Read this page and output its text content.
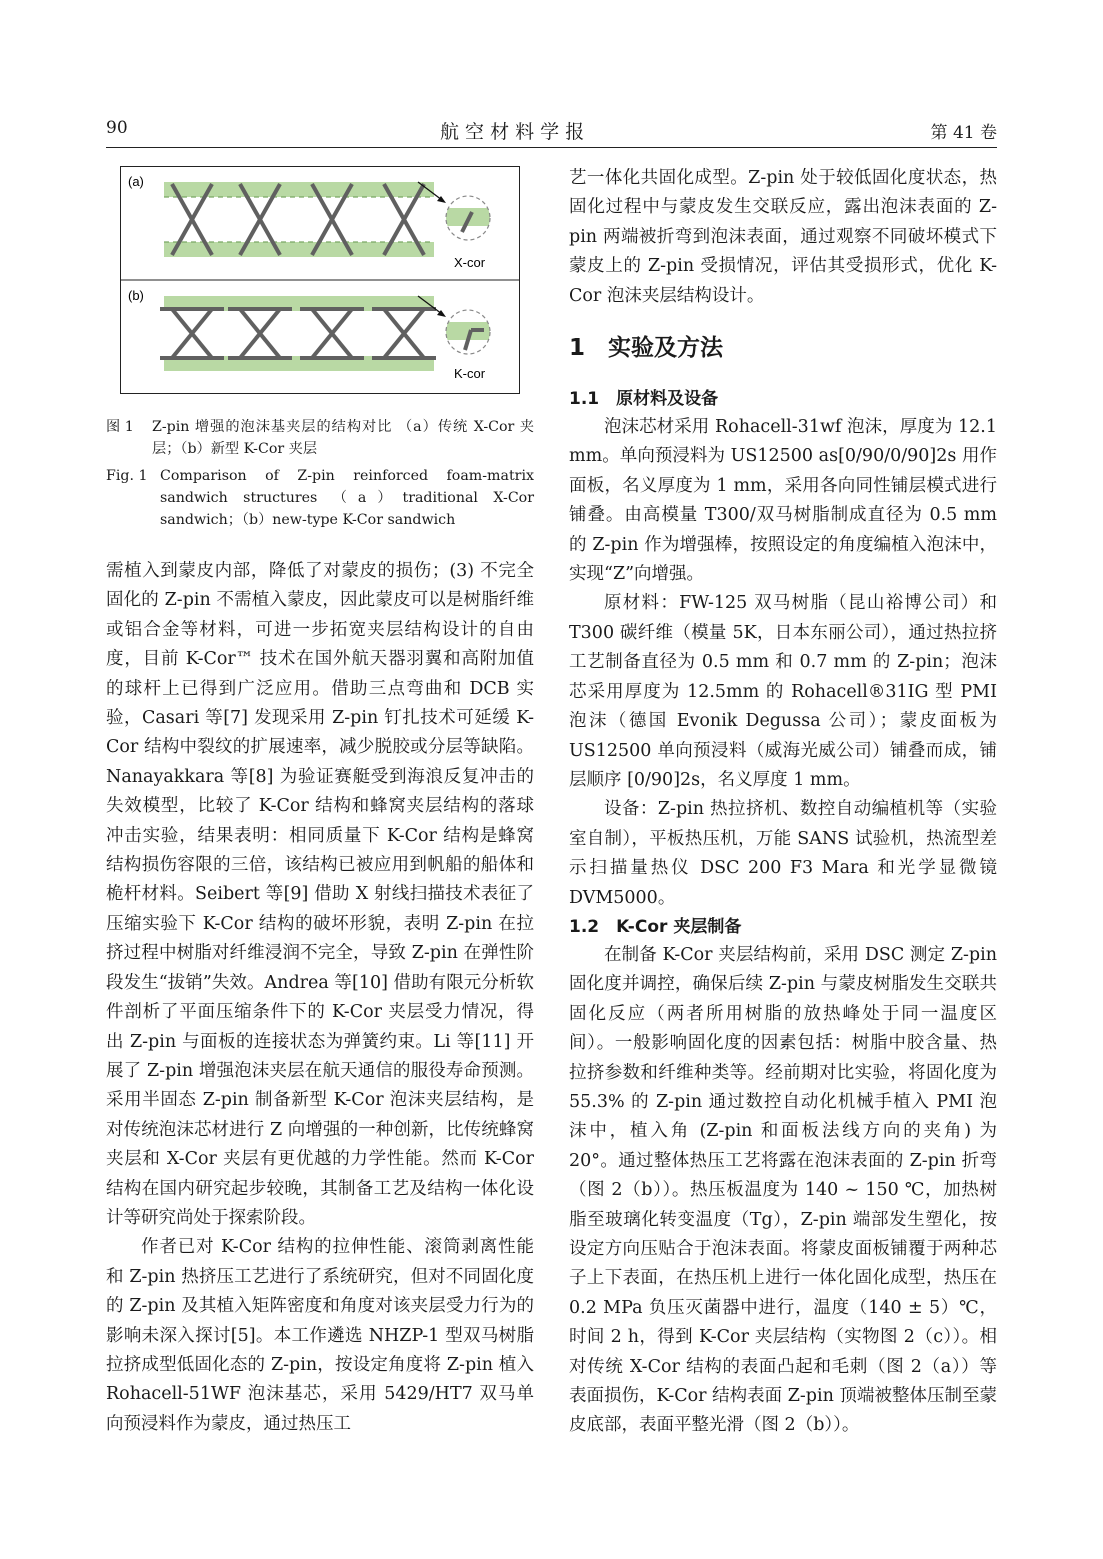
90	航 空 材 料 学 报	第 41 卷
(a)
(b)
X-cor
K-cor
图 1	Z-pin 增强的泡沫基夹层的结构对比 （a）传统 X-Cor 夹层；（b）新型 K-Cor 夹层
Fig. 1 Comparison of Z-pin reinforced foam-matrix sandwich structures （a）traditional X-Cor sandwich；（b）new-type K-Cor sandwich

需植入到蒙皮内部，降低了对蒙皮的损伤；(3) 不完全固化的 Z-pin 不需植入蒙皮，因此蒙皮可以是树脂纤维或铝合金等材料，可进一步拓宽夹层结构设计的自由度，目前 K-Cor™ 技术在国外航天器羽翼和高附加值的球杆上已得到广泛应用。借助三点弯曲和 DCB 实验，Casari 等[7] 发现采用 Z-pin 钉扎技术可延缓 K-Cor 结构中裂纹的扩展速率，减少脱胶或分层等缺陷。Nanayakkara 等[8] 为验证赛艇受到海浪反复冲击的失效模型，比较了 K-Cor 结构和蜂窝夹层结构的落球冲击实验，结果表明：相同质量下 K-Cor 结构是蜂窝结构损伤容限的三倍，该结构已被应用到帆船的船体和桅杆材料。Seibert 等[9] 借助 X 射线扫描技术表征了压缩实验下 K-Cor 结构的破坏形貌，表明 Z-pin 在拉挤过程中树脂对纤维浸润不完全，导致 Z-pin 在弹性阶段发生“拔销”失效。Andrea 等[10] 借助有限元分析软件剖析了平面压缩条件下的 K-Cor 夹层受力情况，得出 Z-pin 与面板的连接状态为弹簧约束。Li 等[11] 开展了 Z-pin 增强泡沫夹层在航天通信的服役寿命预测。采用半固态 Z-pin 制备新型 K-Cor 泡沫夹层结构，是对传统泡沫芯材进行 Z 向增强的一种创新，比传统蜂窝夹层和 X-Cor 夹层有更优越的力学性能。然而 K-Cor 结构在国内研究起步较晚，其制备工艺及结构一体化设计等研究尚处于探索阶段。

作者已对 K-Cor 结构的拉伸性能、滚筒剥离性能和 Z-pin 热挤压工艺进行了系统研究，但对不同固化度的 Z-pin 及其植入矩阵密度和角度对该夹层受力行为的影响未深入探讨[5]。本工作遴选 NHZP-1 型双马树脂拉挤成型低固化态的 Z-pin，按设定角度将 Z-pin 植入 Rohacell-51WF 泡沫基芯，采用 5429/HT7 双马单向预浸料作为蒙皮，通过热压工

艺一体化共固化成型。Z-pin 处于较低固化度状态，热固化过程中与蒙皮发生交联反应，露出泡沫表面的 Z-pin 两端被折弯到泡沫表面，通过观察不同破坏模式下蒙皮上的 Z-pin 受损情况，评估其受损形式，优化 K-Cor 泡沫夹层结构设计。

1　实验及方法

1.1　原材料及设备

泡沫芯材采用 Rohacell-31wf 泡沫，厚度为 12.1 mm。单向预浸料为 US12500 as[0/90/0/90]2s 用作面板，名义厚度为 1 mm，采用各向同性铺层模式进行铺叠。由高模量 T300/双马树脂制成直径为 0.5 mm 的 Z-pin 作为增强棒，按照设定的角度编植入泡沫中，实现“Z”向增强。

原材料：FW-125 双马树脂（昆山裕博公司）和 T300 碳纤维（模量 5K，日本东丽公司），通过热拉挤工艺制备直径为 0.5 mm 和 0.7 mm 的 Z-pin；泡沫芯采用厚度为 12.5mm 的 Rohacell®31IG 型 PMI 泡沫（德国 Evonik Degussa 公司）；蒙皮面板为 US12500 单向预浸料（威海光威公司）铺叠而成，铺层顺序 [0/90]2s，名义厚度 1 mm。

设备：Z-pin 热拉挤机、数控自动编植机等（实验室自制），平板热压机，万能 SANS 试验机，热流型差示扫描量热仪 DSC 200 F3 Mara 和光学显微镜 DVM5000。

1.2　K-Cor 夹层制备

在制备 K-Cor 夹层结构前，采用 DSC 测定 Z-pin 固化度并调控，确保后续 Z-pin 与蒙皮树脂发生交联共固化反应（两者所用树脂的放热峰处于同一温度区间）。一般影响固化度的因素包括：树脂中胶含量、热拉挤参数和纤维种类等。经前期对比实验，将固化度为 55.3% 的 Z-pin 通过数控自动化机械手植入 PMI 泡沫中，植入角 (Z-pin 和面板法线方向的夹角) 为 20°。通过整体热压工艺将露在泡沫表面的 Z-pin 折弯（图 2（b））。热压板温度为 140 ~ 150 ℃，加热树脂至玻璃化转变温度（Tg），Z-pin 端部发生塑化，按设定方向压贴合于泡沫表面。将蒙皮面板铺覆于两种芯子上下表面，在热压机上进行一体化固化成型，热压在 0.2 MPa 负压灭菌器中进行，温度（140 ± 5）℃，时间 2 h，得到 K-Cor 夹层结构（实物图 2（c））。相对传统 X-Cor 结构的表面凸起和毛刺（图 2（a））等表面损伤，K-Cor 结构表面 Z-pin 顶端被整体压制至蒙皮底部，表面平整光滑（图 2（b））。
